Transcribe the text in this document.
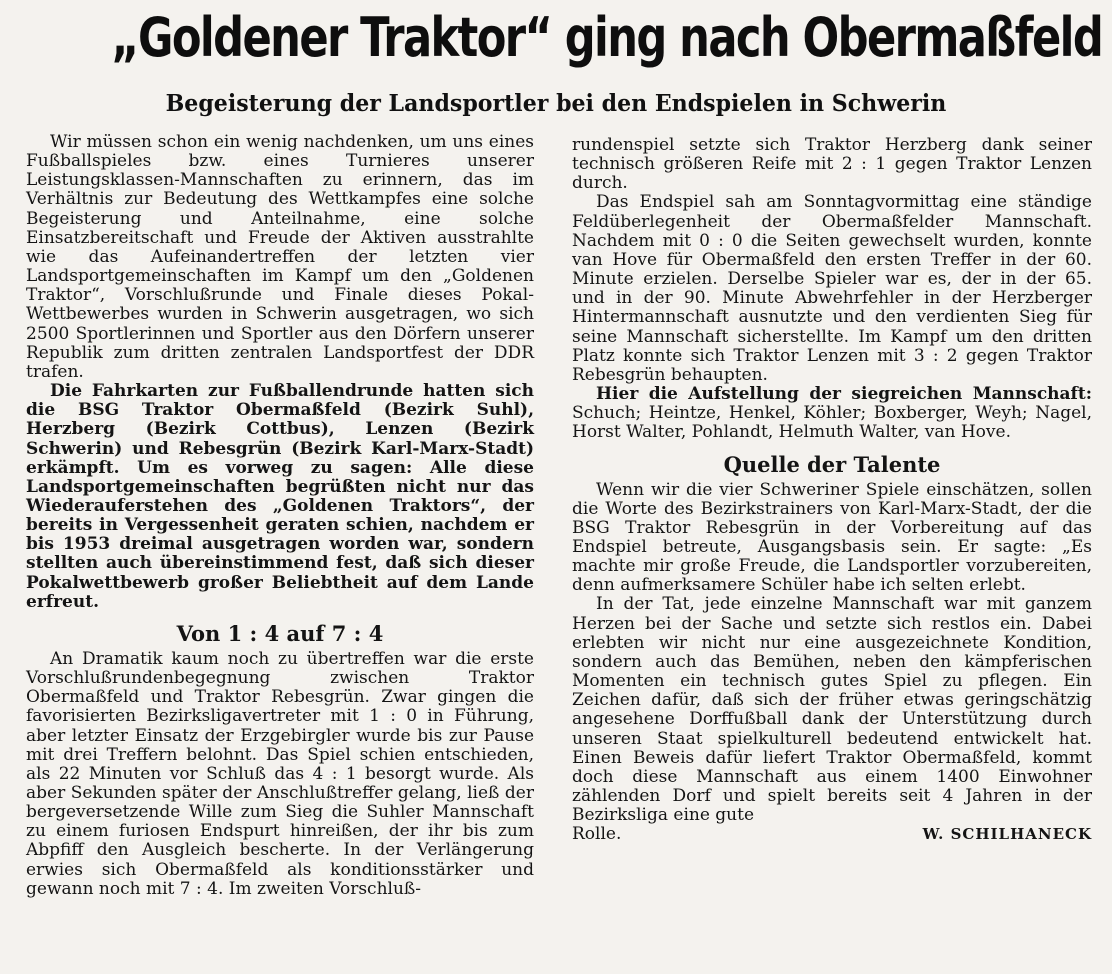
„Goldener Traktor“ ging nach Obermaßfeld
Begeisterung der Landsportler bei den Endspielen in Schwerin

Wir müssen schon ein wenig nachdenken, um uns eines Fußballspieles bzw. eines Turnieres unserer Leistungsklassen-Mannschaften zu erinnern, das im Verhältnis zur Bedeutung des Wettkampfes eine solche Begeisterung und Anteilnahme, eine solche Einsatzbereitschaft und Freude der Aktiven ausstrahlte wie das Aufeinandertreffen der letzten vier Landsportgemeinschaften im Kampf um den „Goldenen Traktor“, Vorschlußrunde und Finale dieses Pokal-Wettbewerbes wurden in Schwerin ausgetragen, wo sich 2500 Sportlerinnen und Sportler aus den Dörfern unserer Republik zum dritten zentralen Landsportfest der DDR trafen.

Die Fahrkarten zur Fußballendrunde hatten sich die BSG Traktor Obermaßfeld (Bezirk Suhl), Herzberg (Bezirk Cottbus), Lenzen (Bezirk Schwerin) und Rebesgrün (Bezirk Karl-Marx-Stadt) erkämpft. Um es vorweg zu sagen: Alle diese Landsportgemeinschaften begrüßten nicht nur das Wiederauferstehen des „Goldenen Traktors“, der bereits in Vergessenheit geraten schien, nachdem er bis 1953 dreimal ausgetragen worden war, sondern stellten auch übereinstimmend fest, daß sich dieser Pokalwettbewerb großer Beliebtheit auf dem Lande erfreut.

Von 1 : 4 auf 7 : 4

An Dramatik kaum noch zu übertreffen war die erste Vorschlußrundenbegegnung zwischen Traktor Obermaßfeld und Traktor Rebesgrün. Zwar gingen die favorisierten Bezirksligavertreter mit 1 : 0 in Führung, aber letzter Einsatz der Erzgebirgler wurde bis zur Pause mit drei Treffern belohnt. Das Spiel schien entschieden, als 22 Minuten vor Schluß das 4 : 1 besorgt wurde. Als aber Sekunden später der Anschlußtreffer gelang, ließ der bergeversetzende Wille zum Sieg die Suhler Mannschaft zu einem furiosen Endspurt hinreißen, der ihr bis zum Abpfiff den Ausgleich bescherte. In der Verlängerung erwies sich Obermaßfeld als konditionsstärker und gewann noch mit 7 : 4. Im zweiten Vorschluß-

rundenspiel setzte sich Traktor Herzberg dank seiner technisch größeren Reife mit 2 : 1 gegen Traktor Lenzen durch.

Das Endspiel sah am Sonntagvormittag eine ständige Feldüberlegenheit der Obermaßfelder Mannschaft. Nachdem mit 0 : 0 die Seiten gewechselt wurden, konnte van Hove für Obermaßfeld den ersten Treffer in der 60. Minute erzielen. Derselbe Spieler war es, der in der 65. und in der 90. Minute Abwehrfehler in der Herzberger Hintermannschaft ausnutzte und den verdienten Sieg für seine Mannschaft sicherstellte. Im Kampf um den dritten Platz konnte sich Traktor Lenzen mit 3 : 2 gegen Traktor Rebesgrün behaupten.

Hier die Aufstellung der siegreichen Mannschaft: Schuch; Heintze, Henkel, Köhler; Boxberger, Weyh; Nagel, Horst Walter, Pohlandt, Helmuth Walter, van Hove.

Quelle der Talente

Wenn wir die vier Schweriner Spiele einschätzen, sollen die Worte des Bezirkstrainers von Karl-Marx-Stadt, der die BSG Traktor Rebesgrün in der Vorbereitung auf das Endspiel betreute, Ausgangsbasis sein. Er sagte: „Es machte mir große Freude, die Landsportler vorzubereiten, denn aufmerksamere Schüler habe ich selten erlebt.

In der Tat, jede einzelne Mannschaft war mit ganzem Herzen bei der Sache und setzte sich restlos ein. Dabei erlebten wir nicht nur eine ausgezeichnete Kondition, sondern auch das Bemühen, neben den kämpferischen Momenten ein technisch gutes Spiel zu pflegen. Ein Zeichen dafür, daß sich der früher etwas geringschätzig angesehene Dorffußball dank der Unterstützung durch unseren Staat spielkulturell bedeutend entwickelt hat. Einen Beweis dafür liefert Traktor Obermaßfeld, kommt doch diese Mannschaft aus einem 1400 Einwohner zählenden Dorf und spielt bereits seit 4 Jahren in der Bezirksliga eine gute

Rolle.	W. SCHILHANECK
